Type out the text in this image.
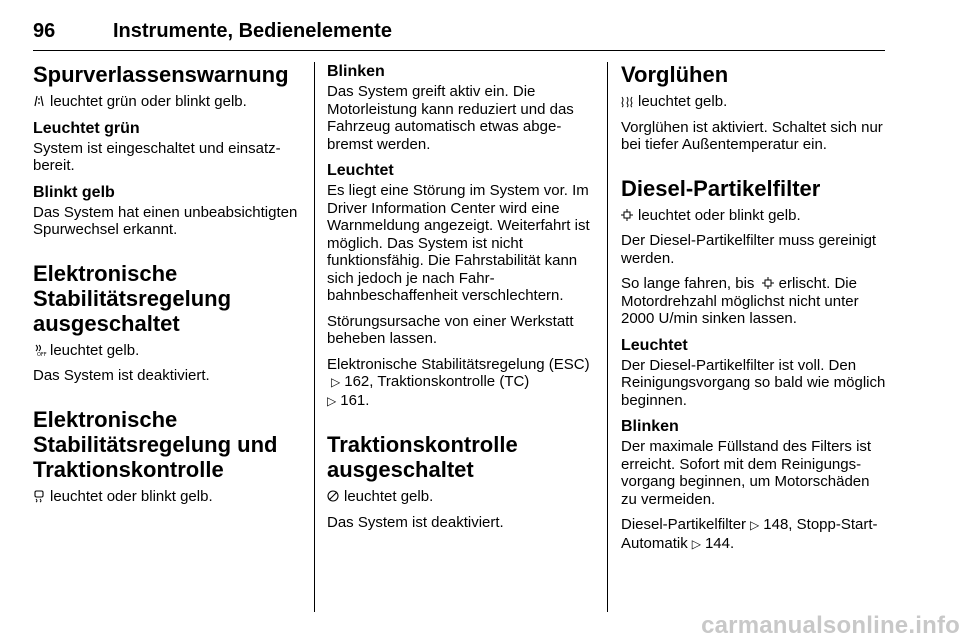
96	Instrumente, Bedienelemente
Spurverlassenswarnung

leuchtet grün oder blinkt gelb.

Leuchtet grün

System ist eingeschaltet und einsatzbereit.

Blinkt gelb

Das System hat einen unbeabsichtigten Spurwechsel erkannt.

Elektronische Stabilitätsregelung ausgeschaltet

OFF leuchtet gelb.

Das System ist deaktiviert.

Elektronische Stabilitätsregelung und Traktionskontrolle

leuchtet oder blinkt gelb.

Blinken

Das System greift aktiv ein. Die Motorleistung kann reduziert und das Fahrzeug automatisch etwas abgebremst werden.

Leuchtet

Es liegt eine Störung im System vor. Im Driver Information Center wird eine Warnmeldung angezeigt. Weiterfahrt ist möglich. Das System ist nicht funktionsfähig. Die Fahrstabilität kann sich jedoch je nach Fahrbahnbeschaffenheit verschlechtern.

Störungsursache von einer Werkstatt beheben lassen.

Elektronische Stabilitätsregelung (ESC)▷ 162, Traktionskontrolle (TC)
▷ 161.

Traktionskontrolle ausgeschaltet

leuchtet gelb.

Das System ist deaktiviert.

Vorglühen

leuchtet gelb.

Vorglühen ist aktiviert. Schaltet sich nur bei tiefer Außentemperatur ein.

Diesel-Partikelfilter

leuchtet oder blinkt gelb.

Der Diesel-Partikelfilter muss gereinigt werden.

So lange fahren, bis erlischt. Die Motordrehzahl möglichst nicht unter 2000 U/min sinken lassen.

Leuchtet

Der Diesel-Partikelfilter ist voll. Den Reinigungsvorgang so bald wie möglich beginnen.

Blinken

Der maximale Füllstand des Filters ist erreicht. Sofort mit dem Reinigungsvorgang beginnen, um Motorschäden zu vermeiden.

Diesel-Partikelfilter ▷ 148, Stopp-Start-Automatik ▷ 144.

carmanualsonline.info
